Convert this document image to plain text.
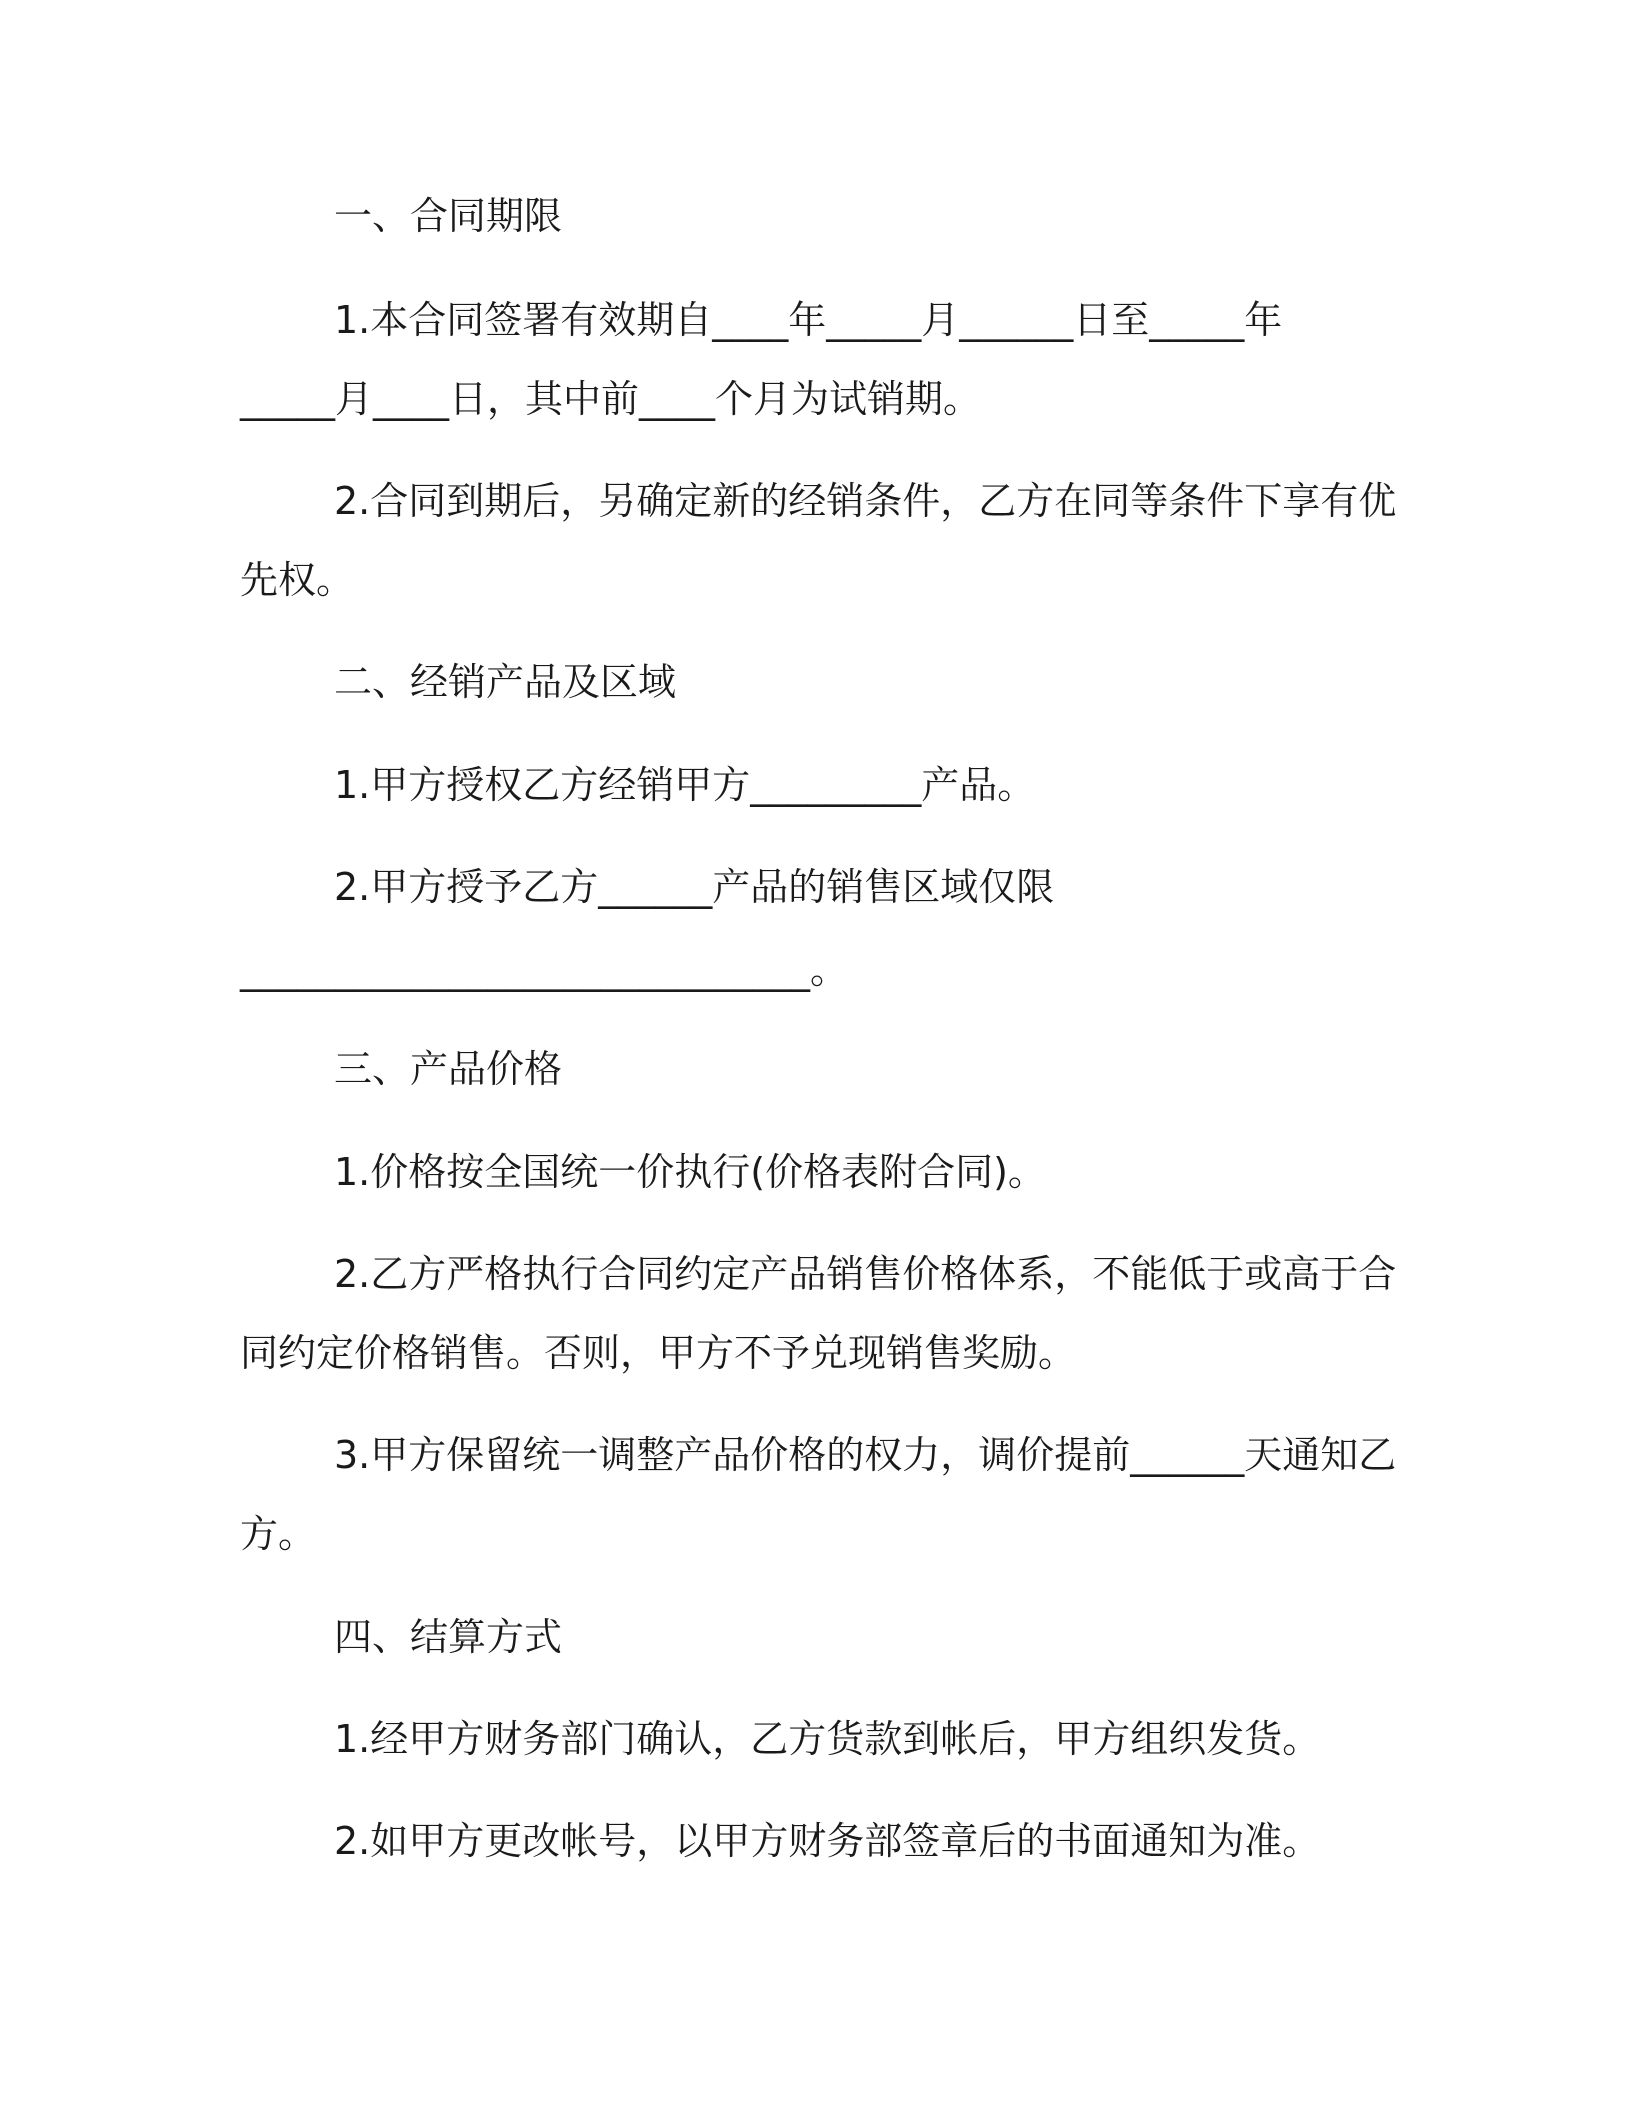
一、合同期限
1.本合同签署有效期自____年_____月______日至_____年
_____月____日，其中前____个月为试销期。
2.合同到期后，另确定新的经销条件，乙方在同等条件下享有优
先权。
二、经销产品及区域
1.甲方授权乙方经销甲方_________产品。
2.甲方授予乙方______产品的销售区域仅限
______________________________。
三、产品价格
1.价格按全国统一价执行(价格表附合同)。
2.乙方严格执行合同约定产品销售价格体系，不能低于或高于合
同约定价格销售。否则，甲方不予兑现销售奖励。
3.甲方保留统一调整产品价格的权力，调价提前______天通知乙
方。
四、结算方式
1.经甲方财务部门确认，乙方货款到帐后，甲方组织发货。
2.如甲方更改帐号，以甲方财务部签章后的书面通知为准。
